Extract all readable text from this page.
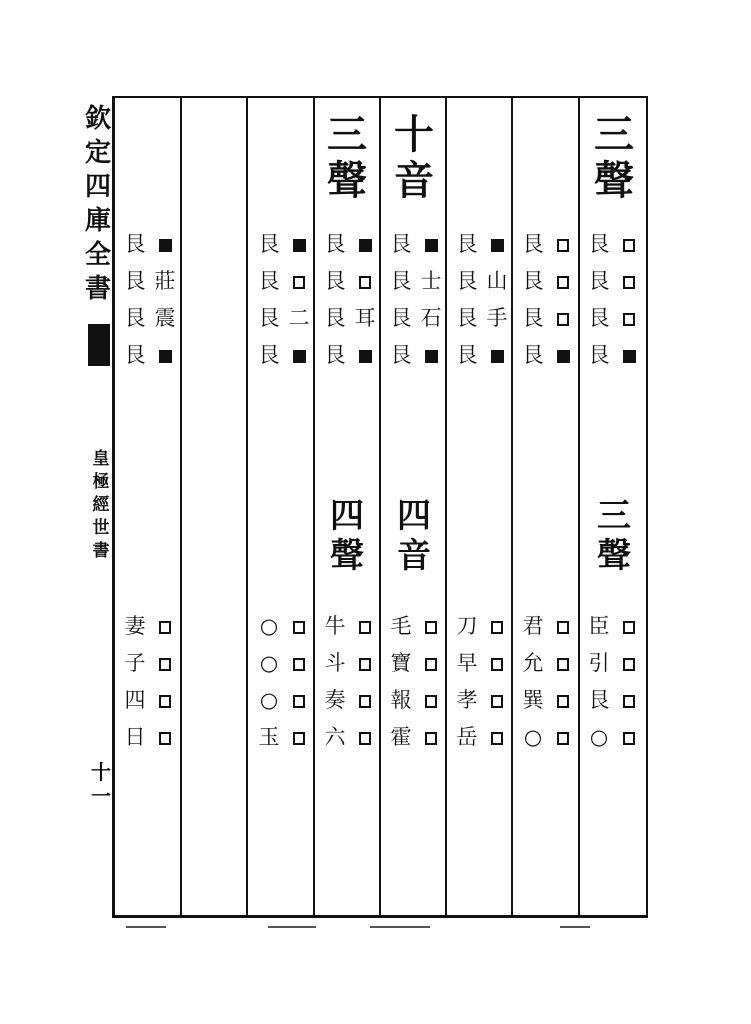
欽
定
四
庫
全
書
皇
極
經
世
書
十
一
三
聲
十
音
三
聲
四
音
四
聲
三
聲
艮
艮
艮
艮
艮
艮
艮
艮
艮
艮
艮
艮
艮
艮
艮
艮
艮
艮
艮
艮
艮
艮
艮
艮
艮
艮
艮
艮
莊
震	二 耳
士
石
山
手
妻
子
四
日
○
○
○
玉
牛
斗
奏
六
毛
寶
報
霍
刀
早
孝
岳
君
允
巽
○
臣
引
艮
○
